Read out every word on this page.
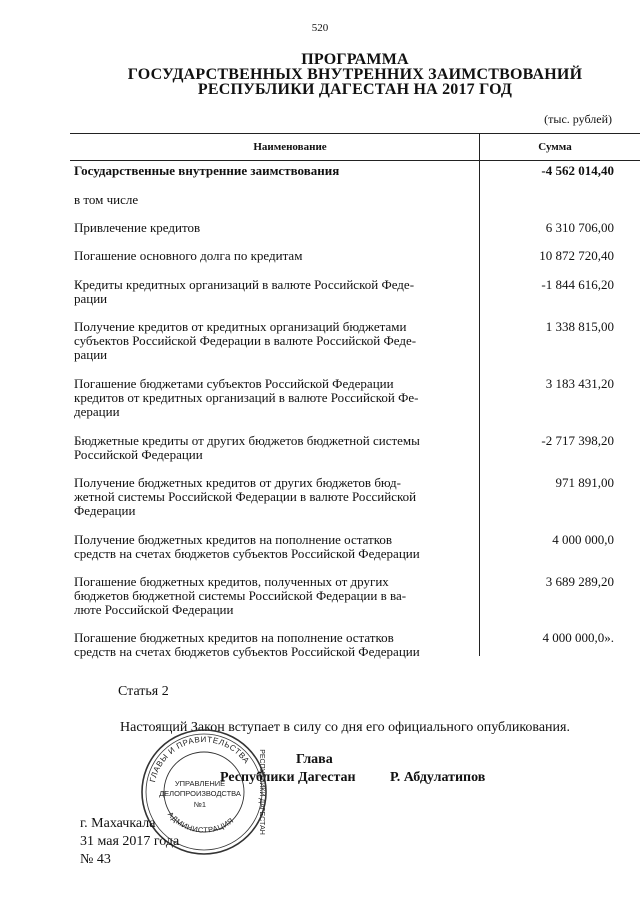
520
ПРОГРАММА
ГОСУДАРСТВЕННЫХ ВНУТРЕННИХ ЗАИМСТВОВАНИЙ
РЕСПУБЛИКИ ДАГЕСТАН НА 2017 ГОД
(тыс. рублей)
Наименование	Сумма
Государственные внутренние заимствования	-4 562 014,40
в том числе
Привлечение кредитов	6 310 706,00
Погашение основного долга по кредитам	10 872 720,40
Кредиты кредитных организаций в валюте Российской Феде-
рации
-1 844 616,20
Получение кредитов от кредитных организаций бюджетами
субъектов Российской Федерации в валюте Российской Феде-
рации
1 338 815,00
Погашение бюджетами субъектов Российской Федерации
кредитов от кредитных организаций в валюте Российской Фе-
дерации
3 183 431,20
Бюджетные кредиты от других бюджетов бюджетной системы
Российской Федерации
-2 717 398,20
Получение бюджетных кредитов от других бюджетов бюд-
жетной системы Российской Федерации в валюте Российской
Федерации
971 891,00
Получение бюджетных кредитов на пополнение остатков
средств на счетах бюджетов субъектов Российской Федерации
4 000 000,0
Погашение бюджетных кредитов, полученных от других
бюджетов бюджетной системы Российской Федерации в ва-
люте Российской Федерации
3 689 289,20
Погашение бюджетных кредитов на пополнение остатков
средств на счетах бюджетов субъектов Российской Федерации
4 000 000,0».
Статья 2
Настоящий Закон вступает в силу со дня его официального опубликования.
ГЛАВЫ И ПРАВИТЕЛЬСТВА
АДМИНИСТРАЦИЯ	РЕСПУБЛИКИ ДАГЕСТАН
УПРАВЛЕНИЕ
ДЕЛОПРОИЗВОДСТВА
№1
Глава
Республики Дагестан Р. Абдулатипов
г. Махачкала
31 мая 2017 года
№ 43
